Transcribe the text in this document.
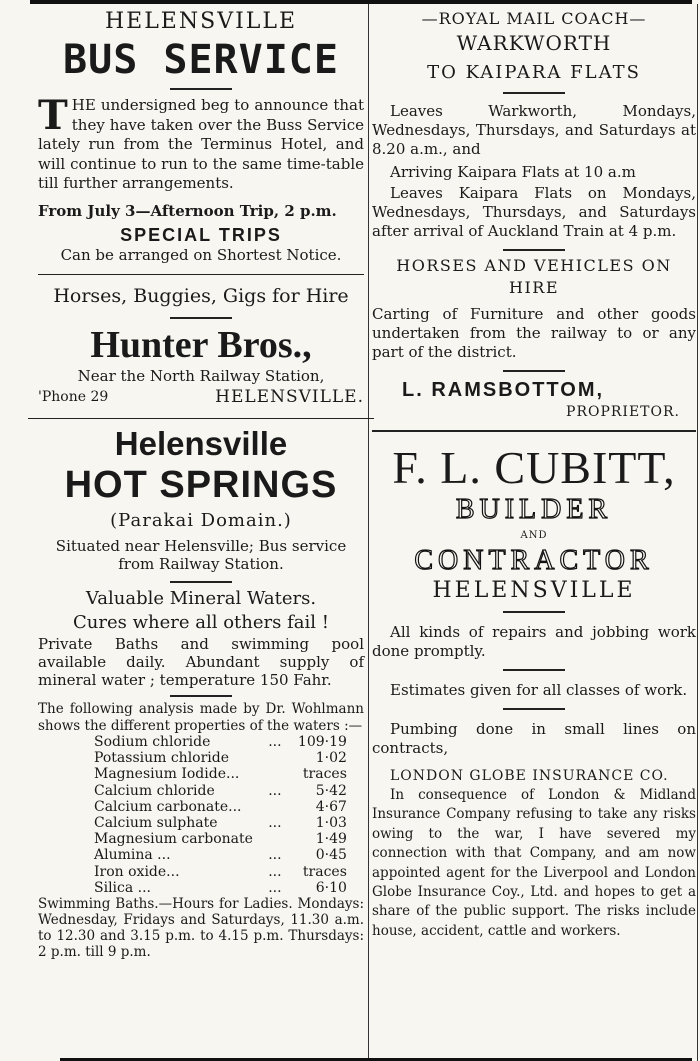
HELENSVILLE

BUS SERVICE

THE undersigned beg to announce that they have taken over the Buss Service lately run from the Terminus Hotel, and will continue to run to the same time-table till further arrangements.

From July 3—Afternoon Trip, 2 p.m.

SPECIAL TRIPS

Can be arranged on Shortest Notice.

Horses, Buggies, Gigs for Hire

Hunter Bros.,

Near the North Railway Station,

'Phone 29	HELENSVILLE.

Helensville

HOT SPRINGS

(Parakai Domain.)

Situated near Helensville; Bus service from Railway Station.

Valuable Mineral Waters.

Cures where all others fail !

Private Baths and swimming pool available daily. Abundant supply of mineral water ; temperature 150 Fahr.

The following analysis made by Dr. Wohlmann shows the different properties of the waters :—

Sodium chloride	...	109·19
Potassium chloride		1·02
Magnesium Iodide...		traces
Calcium chloride	...	5·42
Calcium carbonate...		4·67
Calcium sulphate	...	1·03
Magnesium carbonate		1·49
Alumina ...	...	0·45
Iron oxide...	...	traces
Silica ...	...	6·10

Swimming Baths.—Hours for Ladies. Mondays: Wednesday, Fridays and Saturdays, 11.30 a.m. to 12.30 and 3.15 p.m. to 4.15 p.m. Thursdays: 2 p.m. till 9 p.m.

—ROYAL MAIL COACH—

WARKWORTH

TO KAIPARA FLATS

Leaves Warkworth, Mondays, Wednesdays, Thursdays, and Saturdays at 8.20 a.m., and

Arriving Kaipara Flats at 10 a.m

Leaves Kaipara Flats on Mondays, Wednesdays, Thursdays, and Saturdays after arrival of Auckland Train at 4 p.m.

HORSES AND VEHICLES ON HIRE

Carting of Furniture and other goods undertaken from the railway to or any part of the district.

L. RAMSBOTTOM,

PROPRIETOR.

F. L. CUBITT,

BUILDER

AND

CONTRACTOR

HELENSVILLE

All kinds of repairs and jobbing work done promptly.

Estimates given for all classes of work.

Pumbing done in small lines on contracts,

LONDON GLOBE INSURANCE CO.

In consequence of London & Midland Insurance Company refusing to take any risks owing to the war, I have severed my connection with that Company, and am now appointed agent for the Liverpool and London Globe Insurance Coy., Ltd. and hopes to get a share of the public support. The risks include house, accident, cattle and workers.
